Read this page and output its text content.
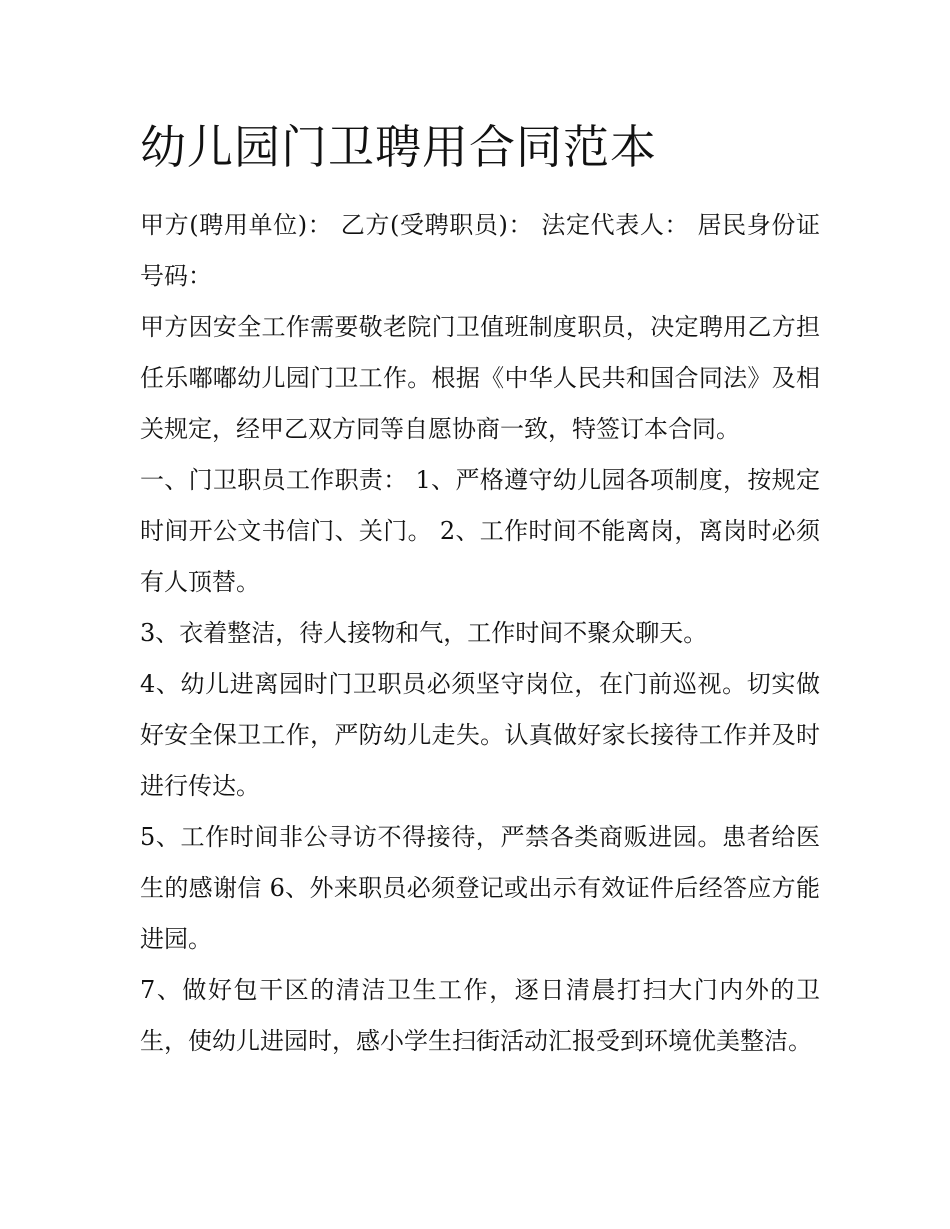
幼儿园门卫聘用合同范本

甲方(聘用单位)： 乙方(受聘职员)： 法定代表人： 居民身份证号码：

甲方因安全工作需要敬老院门卫值班制度职员，决定聘用乙方担任乐嘟嘟幼儿园门卫工作。根据《中华人民共和国合同法》及相关规定，经甲乙双方同等自愿协商一致，特签订本合同。

一、门卫职员工作职责： 1、严格遵守幼儿园各项制度，按规定时间开公文书信门、关门。 2、工作时间不能离岗，离岗时必须有人顶替。

3、衣着整洁，待人接物和气，工作时间不聚众聊天。

4、幼儿进离园时门卫职员必须坚守岗位，在门前巡视。切实做好安全保卫工作，严防幼儿走失。认真做好家长接待工作并及时进行传达。

5、工作时间非公寻访不得接待，严禁各类商贩进园。患者给医生的感谢信 6、外来职员必须登记或出示有效证件后经答应方能进园。

7、做好包干区的清洁卫生工作，逐日清晨打扫大门内外的卫生，使幼儿进园时，感小学生扫街活动汇报受到环境优美整洁。
